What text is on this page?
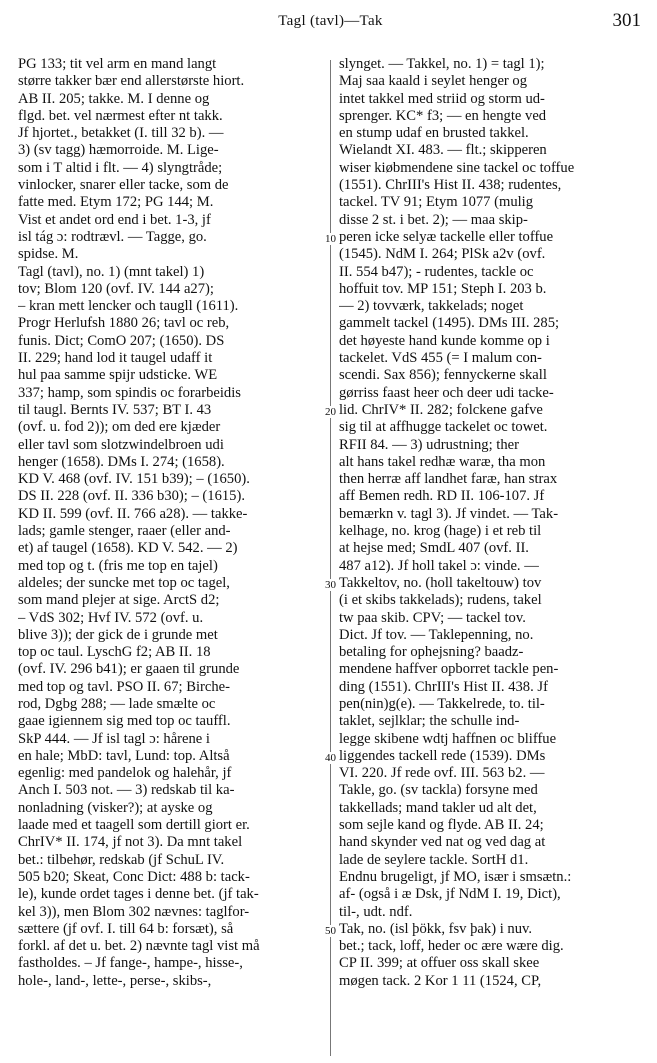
Tagl (tavl)—Tak	301
PG 133; tit vel arm en mand langt
større takker bær end allerstørste hiort.
AB II. 205; takke. M. I denne og
flgd. bet. vel nærmest efter nt takk.
Jf hjortet., betakket (I. till 32 b). —
3) (sv tagg) hæmorroide. M. Lige-
som i T altid i flt. — 4) slyngtråde;
vinlocker, snarer eller tacke, som de
fatte med. Etym 172; PG 144; M.
Vist et andet ord end i bet. 1-3, jf
isl tág ɔ: rodtrævl. — Tagge, go.
spidse. M.
Tagl (tavl), no. 1) (mnt takel) 1)
tov; Blom 120 (ovf. IV. 144 a27);
– kran mett lencker och taugll (1611).
Progr Herlufsh 1880 26; tavl oc reb,
funis. Dict; ComO 207; (1650). DS
II. 229; hand lod it taugel udaff it
hul paa samme spijr udsticke. WE
337; hamp, som spindis oc forarbeidis
til taugl. Bernts IV. 537; BT I. 43
(ovf. u. fod 2)); om ded ere kjæder
eller tavl som slotzwindelbroen udi
henger (1658). DMs I. 274; (1658).
KD V. 468 (ovf. IV. 151 b39); – (1650).
DS II. 228 (ovf. II. 336 b30); – (1615).
KD II. 599 (ovf. II. 766 a28). — takke-
lads; gamle stenger, raaer (eller and-
et) af taugel (1658). KD V. 542. — 2)
med top og t. (fris me top en tajel)
aldeles; der suncke met top oc tagel,
som mand plejer at sige. ArctS d2;
– VdS 302; Hvf IV. 572 (ovf. u.
blive 3)); der gick de i grunde met
top oc taul. LyschG f2; AB II. 18
(ovf. IV. 296 b41); er gaaen til grunde
med top og tavl. PSO II. 67; Birche-
rod, Dgbg 288; — lade smælte oc
gaae igiennem sig med top oc tauffl.
SkP 444. — Jf isl tagl ɔ: hårene i
en hale; MbD: tavl, Lund: top. Altså
egenlig: med pandelok og halehår, jf
Anch I. 503 not. — 3) redskab til ka-
nonladning (visker?); at ayske og
laade med et taagell som dertill giort er.
ChrIV* II. 174, jf not 3). Da mnt takel
bet.: tilbehør, redskab (jf SchuL IV.
505 b20; Skeat, Conc Dict: 488 b: tack-
le), kunde ordet tages i denne bet. (jf tak-
kel 3)), men Blom 302 nævnes: taglfor-
sættere (jf ovf. I. till 64 b: forsæt), så
forkl. af det u. bet. 2) nævnte tagl vist må
fastholdes. – Jf fange-, hampe-, hisse-,
hole-, land-, lette-, perse-, skibs-,
slynget. — Takkel, no. 1) = tagl 1);
Maj saa kaald i seylet henger og
intet takkel med striid og storm ud-
sprenger. KC* f3; — en hengte ved
en stump udaf en brusted takkel.
Wielandt XI. 483. — flt.; skipperen
wiser kiøbmendene sine tackel oc toffue
(1551). ChrIII's Hist II. 438; rudentes,
tackel. TV 91; Etym 1077 (mulig
disse 2 st. i bet. 2); — maa skip-
peren icke selyæ tackelle eller toffue
(1545). NdM I. 264; PlSk a2v (ovf.
II. 554 b47); - rudentes, tackle oc
hoffuit tov. MP 151; Steph I. 203 b.
— 2) tovværk, takkelads; noget
gammelt tackel (1495). DMs III. 285;
det høyeste hand kunde komme op i
tackelet. VdS 455 (= I malum con-
scendi. Sax 856); fennyckerne skall
gørriss faast heer och deer udi tacke-
lid. ChrIV* II. 282; folckene gafve
sig til at affhugge tackelet oc towet.
RFII 84. — 3) udrustning; ther
alt hans takel redhæ waræ, tha mon
then herræ aff landhet faræ, han strax
aff Bemen redh. RD II. 106-107. Jf
bemærkn v. tagl 3). Jf vindet. — Tak-
kelhage, no. krog (hage) i et reb til
at hejse med; SmdL 407 (ovf. II.
487 a12). Jf holl takel ɔ: vinde. —
Takkeltov, no. (holl takeltouw) tov
(i et skibs takkelads); rudens, takel
tw paa skib. CPV; — tackel tov.
Dict. Jf tov. — Taklepenning, no.
betaling for ophejsning? baadz-
mendene haffver opborret tackle pen-
ding (1551). ChrIII's Hist II. 438. Jf
pen(nin)g(e). — Takkelrede, to. til-
taklet, sejlklar; the schulle ind-
legge skibene wdtj haffnen oc bliffue
liggendes tackell rede (1539). DMs
VI. 220. Jf rede ovf. III. 563 b2. —
Takle, go. (sv tackla) forsyne med
takkellads; mand takler ud alt det,
som sejle kand og flyde. AB II. 24;
hand skynder ved nat og ved dag at
lade de seylere tackle. SortH d1.
Endnu brugeligt, jf MO, især i smsætn.:
af- (også i æ Dsk, jf NdM I. 19, Dict),
til-, udt. ndf.
Tak, no. (isl þökk, fsv þak) i nuv.
bet.; tack, loff, heder oc ære wære dig.
CP II. 399; at offuer oss skall skee
møgen tack. 2 Kor 1 11 (1524, CP,
10
20
30
40
50
